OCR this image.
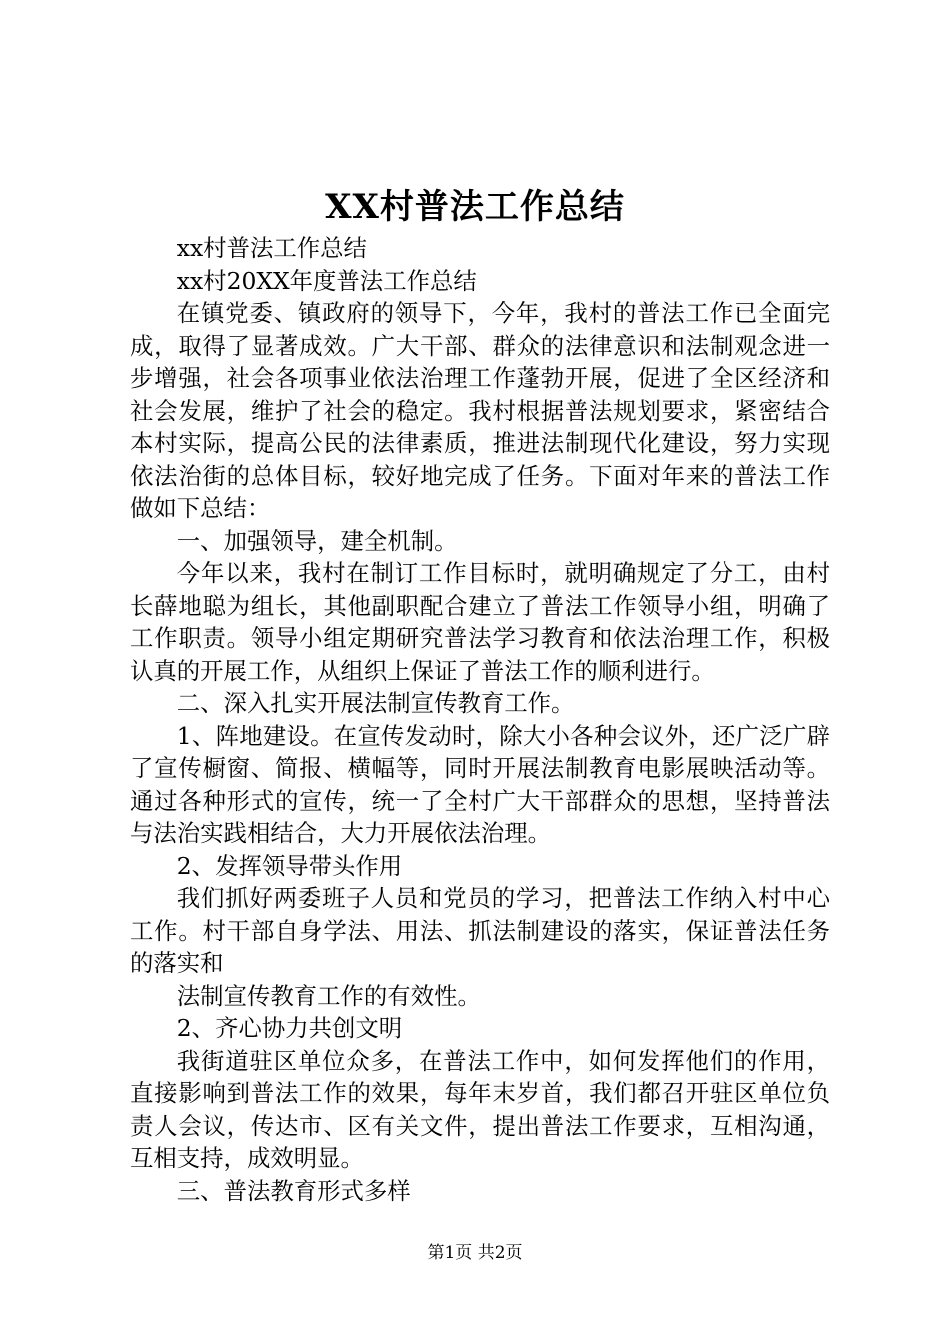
XX村普法工作总结

xx村普法工作总结

xx村20XX年度普法工作总结

在镇党委、镇政府的领导下，今年，我村的普法工作已全面完成，取得了显著成效。广大干部、群众的法律意识和法制观念进一步增强，社会各项事业依法治理工作蓬勃开展，促进了全区经济和社会发展，维护了社会的稳定。我村根据普法规划要求，紧密结合本村实际，提高公民的法律素质，推进法制现代化建设，努力实现依法治街的总体目标，较好地完成了任务。下面对年来的普法工作做如下总结：

一、加强领导，建全机制。

今年以来，我村在制订工作目标时，就明确规定了分工，由村长薛地聪为组长，其他副职配合建立了普法工作领导小组，明确了工作职责。领导小组定期研究普法学习教育和依法治理工作，积极认真的开展工作，从组织上保证了普法工作的顺利进行。

二、深入扎实开展法制宣传教育工作。

1、阵地建设。在宣传发动时，除大小各种会议外，还广泛广辟了宣传橱窗、简报、横幅等，同时开展法制教育电影展映活动等。通过各种形式的宣传，统一了全村广大干部群众的思想，坚持普法与法治实践相结合，大力开展依法治理。

2、发挥领导带头作用

我们抓好两委班子人员和党员的学习，把普法工作纳入村中心工作。村干部自身学法、用法、抓法制建设的落实，保证普法任务的落实和

法制宣传教育工作的有效性。

2、齐心协力共创文明

我街道驻区单位众多，在普法工作中，如何发挥他们的作用，直接影响到普法工作的效果，每年末岁首，我们都召开驻区单位负责人会议，传达市、区有关文件，提出普法工作要求，互相沟通，互相支持，成效明显。

三、普法教育形式多样

第1页 共2页
